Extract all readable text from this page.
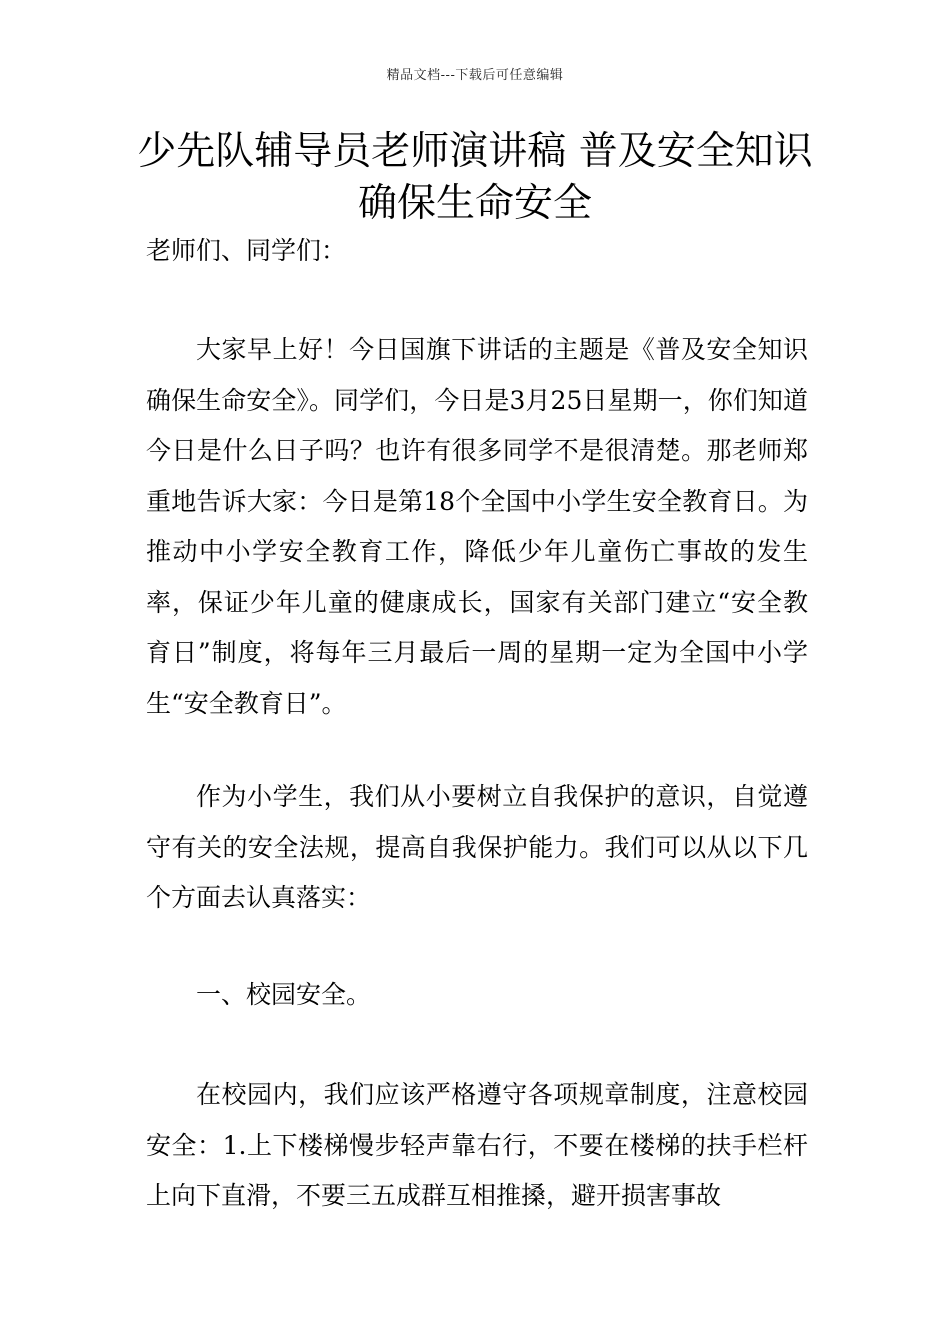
精品文档---下载后可任意编辑
少先队辅导员老师演讲稿 普及安全知识 确保生命安全

老师们、同学们：

大家早上好！今日国旗下讲话的主题是《普及安全知识确保生命安全》。同学们，今日是3月25日星期一，你们知道今日是什么日子吗？也许有很多同学不是很清楚。那老师郑重地告诉大家：今日是第18个全国中小学生安全教育日。为推动中小学安全教育工作，降低少年儿童伤亡事故的发生率，保证少年儿童的健康成长，国家有关部门建立“安全教育日”制度，将每年三月最后一周的星期一定为全国中小学生“安全教育日”。

作为小学生，我们从小要树立自我保护的意识，自觉遵守有关的安全法规，提高自我保护能力。我们可以从以下几个方面去认真落实：

一、校园安全。

在校园内，我们应该严格遵守各项规章制度，注意校园安全：1.上下楼梯慢步轻声靠右行，不要在楼梯的扶手栏杆上向下直滑，不要三五成群互相推搡，避开损害事故
